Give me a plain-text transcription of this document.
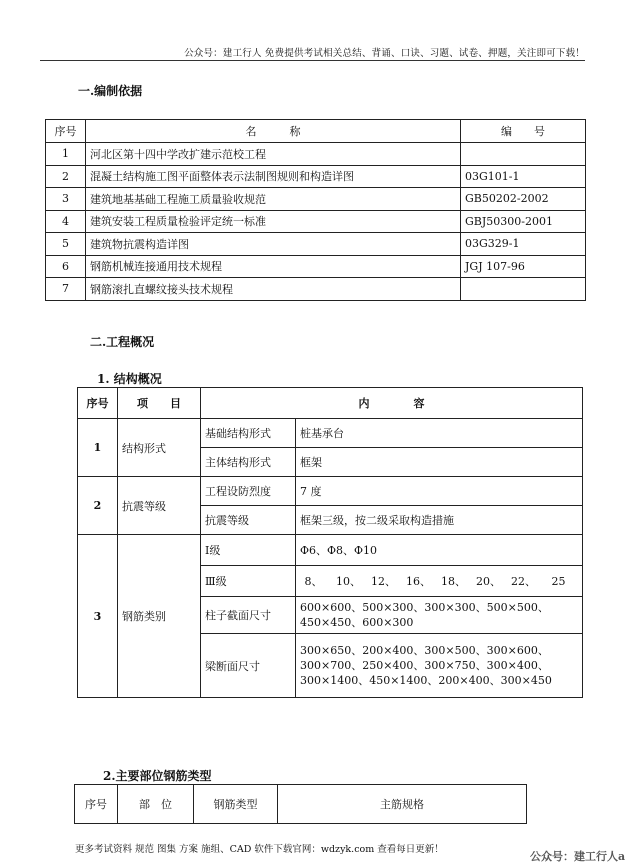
公众号：建工行人 免费提供考试相关总结、背诵、口诀、习题、试卷、押题，关注即可下载！
一.编制依据
序号	名　　　称	编　　号
1	河北区第十四中学改扩建示范校工程	
2	混凝土结构施工图平面整体表示法制图规则和构造详图	03G101-1
3	建筑地基基础工程施工质量验收规范	GB50202-2002
4	建筑安装工程质量检验评定统一标准	GBJ50300-2001
5	建筑物抗震构造详图	03G329-1
6	钢筋机械连接通用技术规程	JGJ 107-96
7	钢筋滚扎直螺纹接头技术规程	
二.工程概况
1. 结构概况
序号	项　　目	内　　　　容	
1	结构形式	基础结构形式	桩基承台
		主体结构形式	框架
2	抗震等级	工程设防烈度	7 度
		抗震等级	框架三级，按二级采取构造措施
3	钢筋类别	Ⅰ级	Φ6、Φ8、Φ10
		Ⅲ级	8、 10、 12、 16、 18、 20、 22、 25
		柱子截面尺寸	600×600、500×300、300×300、500×500、450×450、600×300
		梁断面尺寸	300×650、200×400、300×500、300×600、300×700、250×400、300×750、300×400、300×1400、450×1400、200×400、300×450
2.主要部位钢筋类型
序号	部　位	钢筋类型	主筋规格
更多考试资料 规范 图集 方案 施组、CAD 软件下载官网：wdzyk.com 查看每日更新！
公众号：建工行人a
